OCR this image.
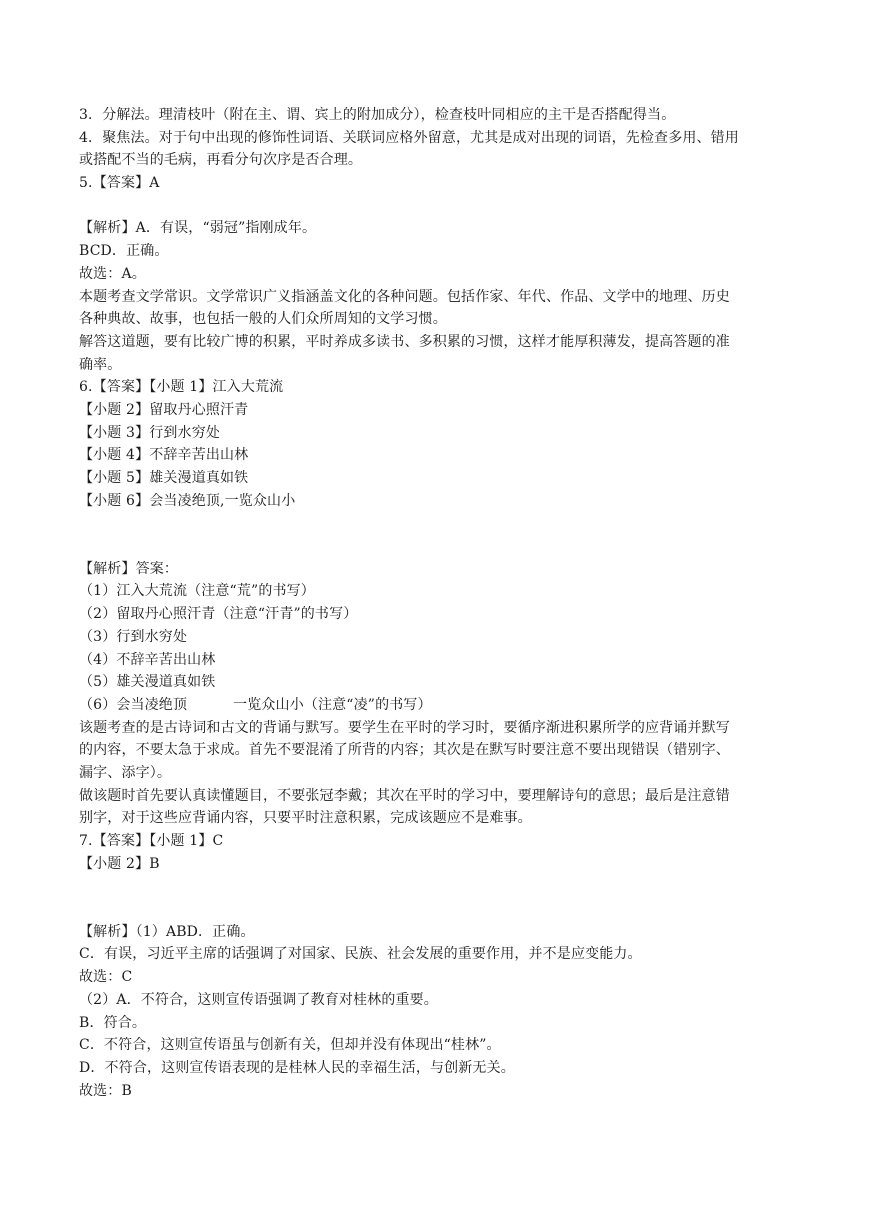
3．分解法。理清枝叶（附在主、谓、宾上的附加成分），检查枝叶同相应的主干是否搭配得当。
4．聚焦法。对于句中出现的修饰性词语、关联词应格外留意，尤其是成对出现的词语，先检查多用、错用
或搭配不当的毛病，再看分句次序是否合理。
5.【答案】A
【解析】A．有误，“弱冠”指刚成年。
BCD．正确。
故选：A。
本题考查文学常识。文学常识广义指涵盖文化的各种问题。包括作家、年代、作品、文学中的地理、历史
各种典故、故事，也包括一般的人们众所周知的文学习惯。
解答这道题，要有比较广博的积累，平时养成多读书、多积累的习惯，这样才能厚积薄发，提高答题的准
确率。
6.【答案】【小题 1】江入大荒流
【小题 2】留取丹心照汗青
【小题 3】行到水穷处
【小题 4】不辞辛苦出山林
【小题 5】雄关漫道真如铁
【小题 6】会当凌绝顶,一览众山小
【解析】答案：
（1）江入大荒流（注意“荒”的书写）
（2）留取丹心照汗青（注意“汗青”的书写）
（3）行到水穷处
（4）不辞辛苦出山林
（5）雄关漫道真如铁
（6）会当凌绝顶	一览众山小（注意“凌”的书写）
该题考查的是古诗词和古文的背诵与默写。要学生在平时的学习时，要循序渐进积累所学的应背诵并默写
的内容，不要太急于求成。首先不要混淆了所背的内容；其次是在默写时要注意不要出现错误（错别字、
漏字、添字）。
做该题时首先要认真读懂题目，不要张冠李戴；其次在平时的学习中，要理解诗句的意思；最后是注意错
别字，对于这些应背诵内容，只要平时注意积累，完成该题应不是难事。
7.【答案】【小题 1】C
【小题 2】B
【解析】（1）ABD．正确。
C．有误，习近平主席的话强调了对国家、民族、社会发展的重要作用，并不是应变能力。
故选：C
（2）A．不符合，这则宣传语强调了教育对桂林的重要。
B．符合。
C．不符合，这则宣传语虽与创新有关，但却并没有体现出“桂林”。
D．不符合，这则宣传语表现的是桂林人民的幸福生活，与创新无关。
故选：B
